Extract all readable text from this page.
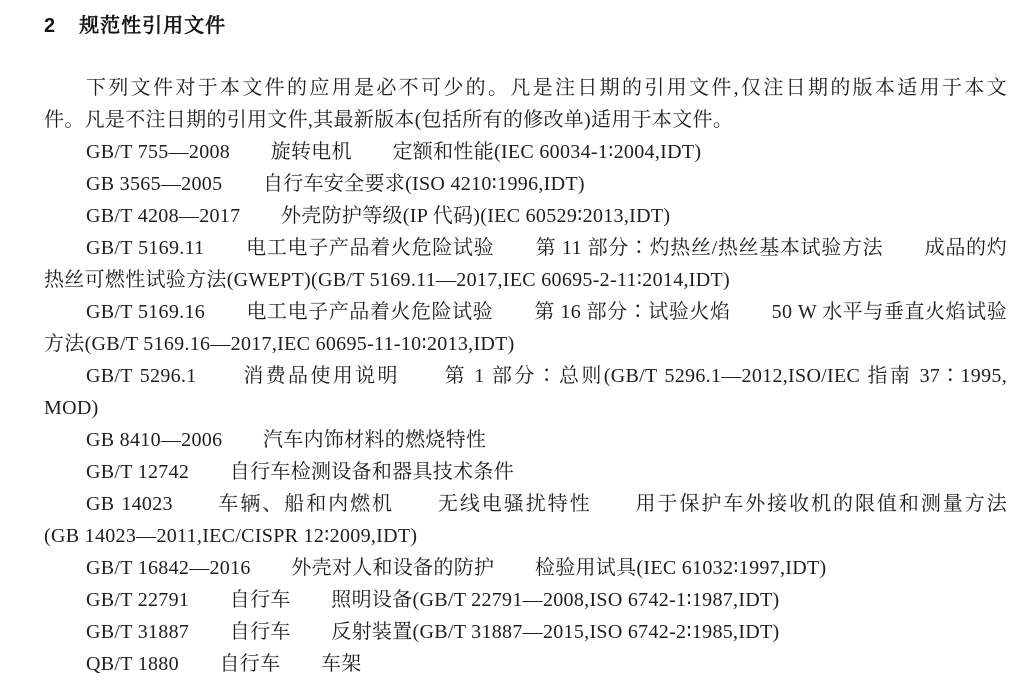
2 规范性引用文件
下列文件对于本文件的应用是必不可少的。凡是注日期的引用文件,仅注日期的版本适用于本文
件。凡是不注日期的引用文件,其最新版本(包括所有的修改单)适用于本文件。
GB/T 755—2008　　旋转电机　　定额和性能(IEC 60034-1∶2004,IDT)
GB 3565—2005　　自行车安全要求(ISO 4210∶1996,IDT)
GB/T 4208—2017　　外壳防护等级(IP 代码)(IEC 60529∶2013,IDT)
GB/T 5169.11　　电工电子产品着火危险试验　　第 11 部分∶灼热丝/热丝基本试验方法　　成品的灼
热丝可燃性试验方法(GWEPT)(GB/T 5169.11—2017,IEC 60695-2-11∶2014,IDT)
GB/T 5169.16　　电工电子产品着火危险试验　　第 16 部分∶试验火焰　　50 W 水平与垂直火焰试验
方法(GB/T 5169.16—2017,IEC 60695-11-10∶2013,IDT)
GB/T 5296.1　　消费品使用说明　　第 1 部分∶总则(GB/T 5296.1—2012,ISO/IEC 指南 37∶1995,
MOD)
GB 8410—2006　　汽车内饰材料的燃烧特性
GB/T 12742　　自行车检测设备和器具技术条件
GB 14023　　车辆、船和内燃机　　无线电骚扰特性　　用于保护车外接收机的限值和测量方法
(GB 14023—2011,IEC/CISPR 12∶2009,IDT)
GB/T 16842—2016　　外壳对人和设备的防护　　检验用试具(IEC 61032∶1997,IDT)
GB/T 22791　　自行车　　照明设备(GB/T 22791—2008,ISO 6742-1∶1987,IDT)
GB/T 31887　　自行车　　反射装置(GB/T 31887—2015,ISO 6742-2∶1985,IDT)
QB/T 1880　　自行车　　车架
